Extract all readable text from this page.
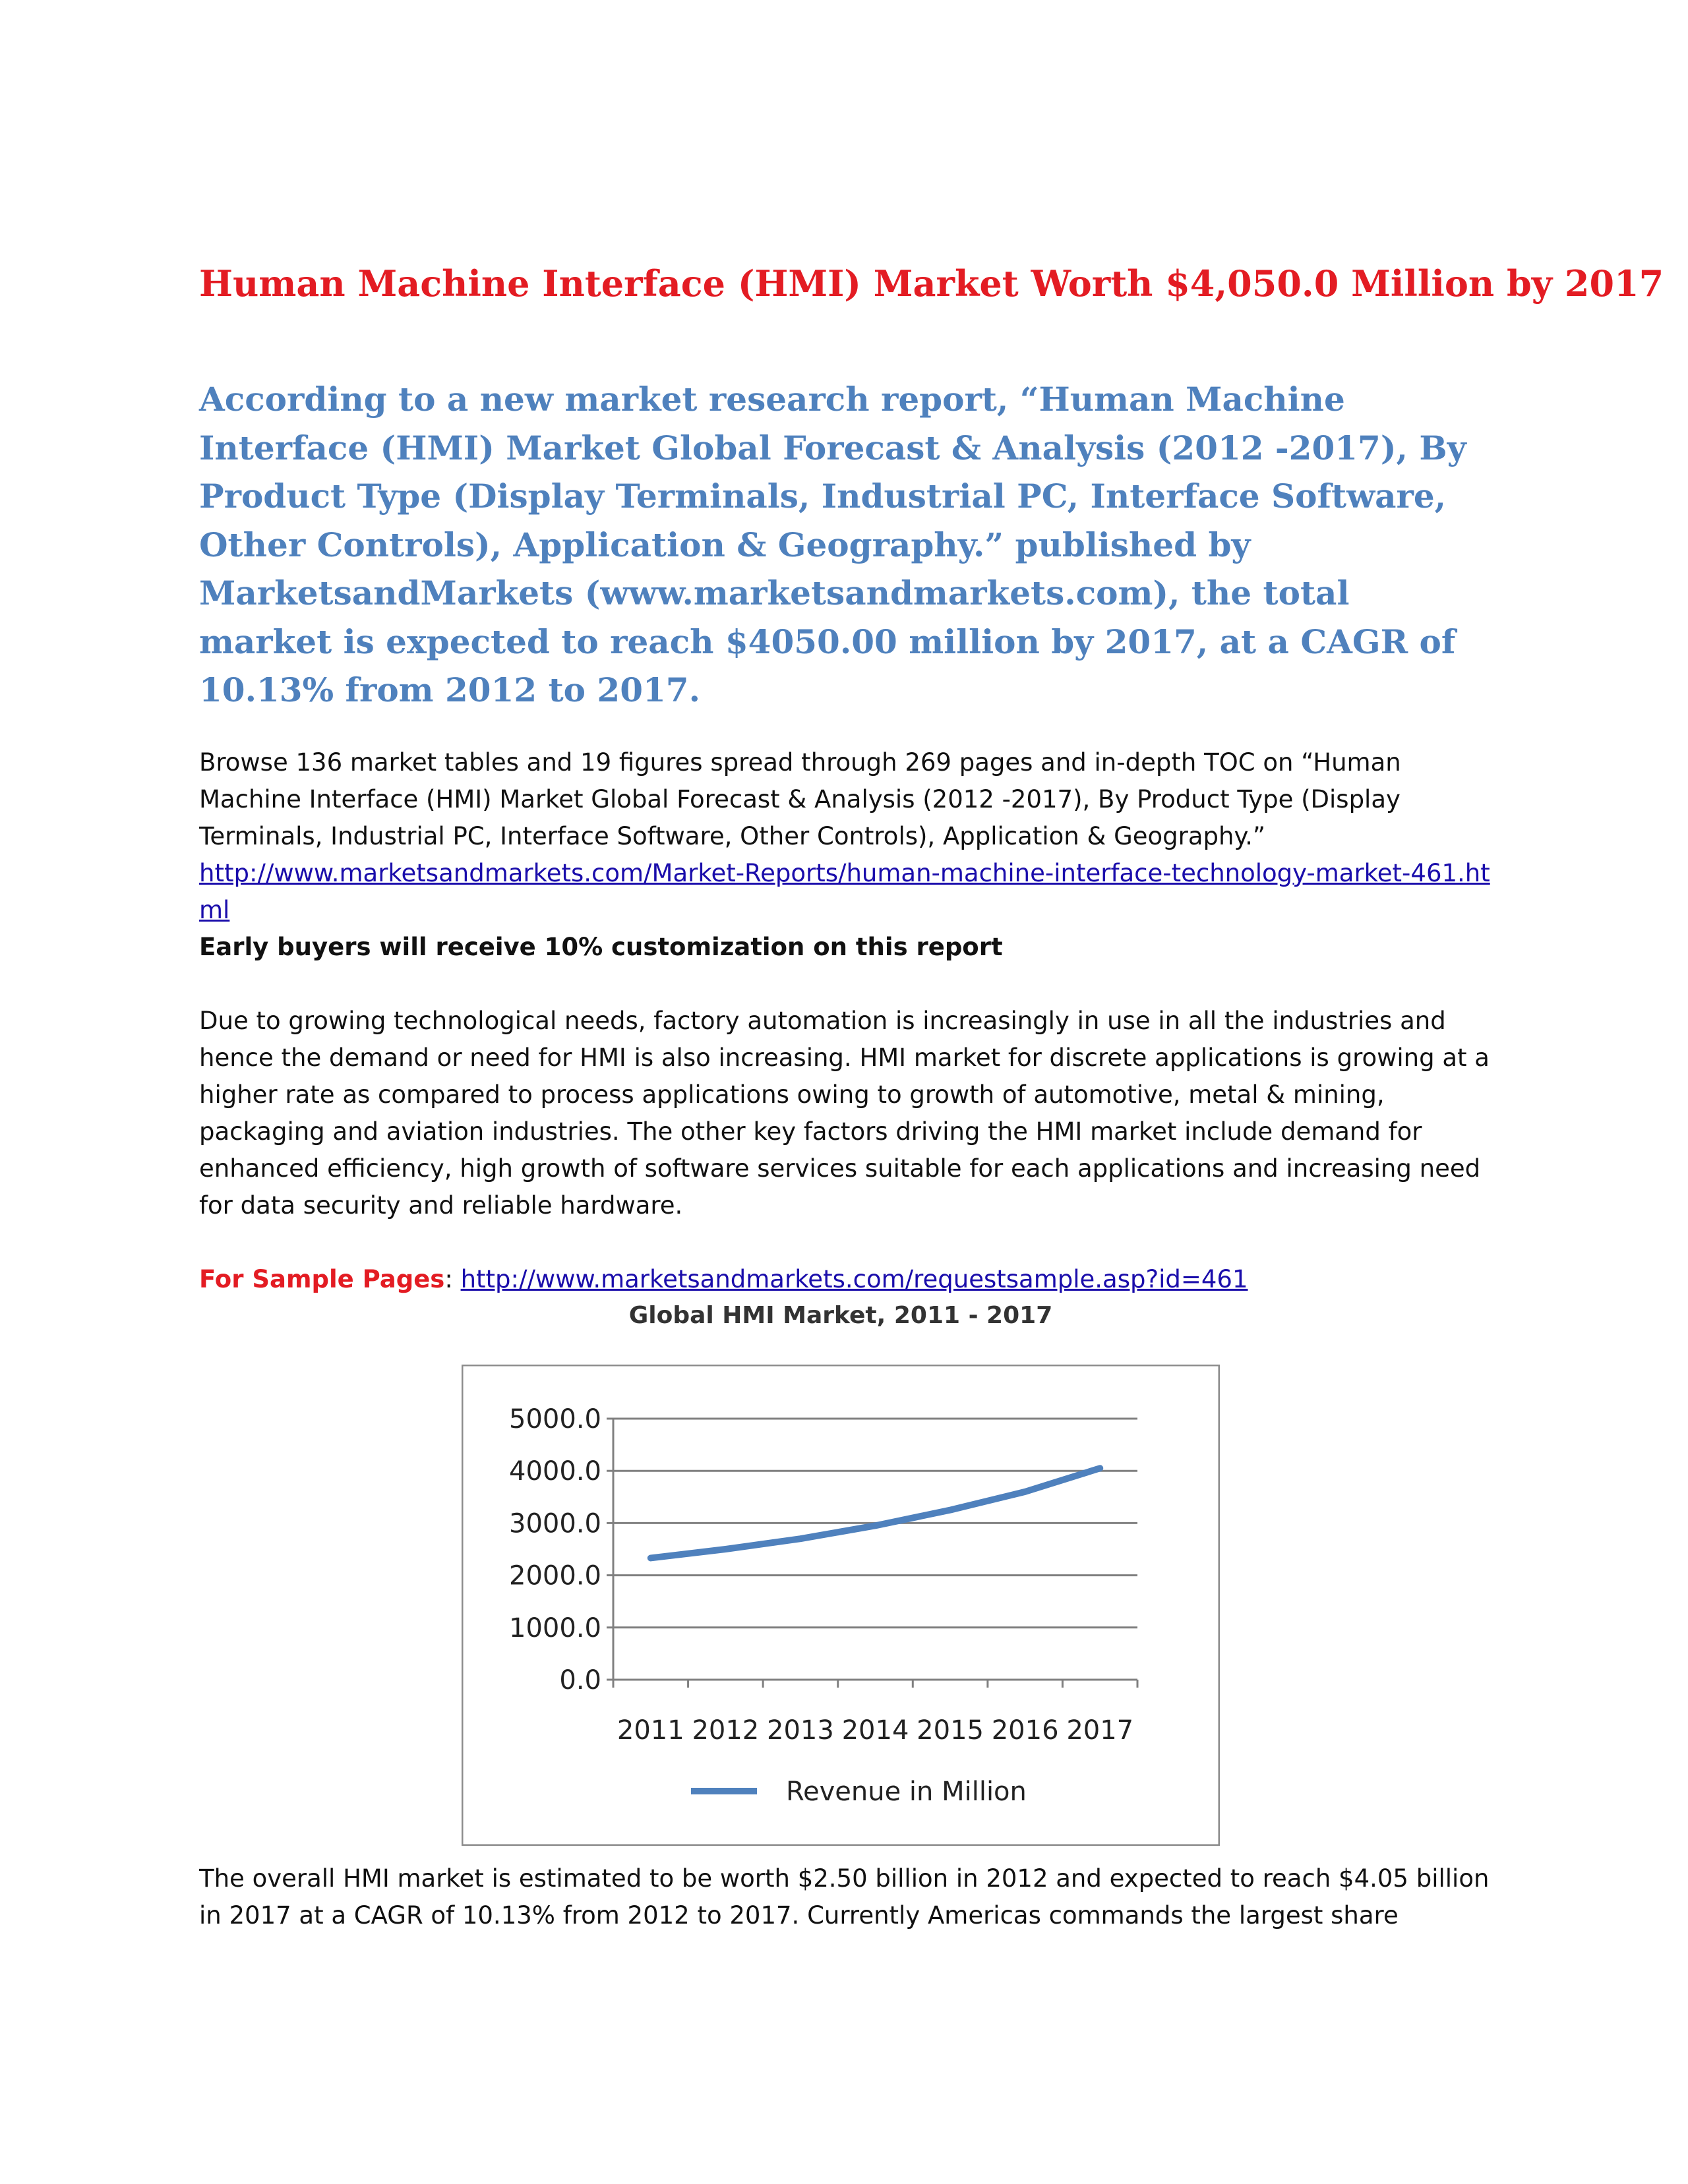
Human Machine Interface (HMI) Market Worth $4,050.0 Million by 2017

According to a new market research report, “Human Machine Interface (HMI) Market Global Forecast & Analysis (2012 -2017), By Product Type (Display Terminals, Industrial PC, Interface Software, Other Controls), Application & Geography.” published by MarketsandMarkets (www.marketsandmarkets.com), the total market is expected to reach $4050.00 million by 2017, at a CAGR of 10.13% from 2012 to 2017.

Browse 136 market tables and 19 figures spread through 269 pages and in-depth TOC on “Human Machine Interface (HMI) Market Global Forecast & Analysis (2012 -2017), By Product Type (Display Terminals, Industrial PC, Interface Software, Other Controls), Application & Geography.”
http://www.marketsandmarkets.com/Market-Reports/human-machine-interface-technology-market-461.html
Early buyers will receive 10% customization on this report

Due to growing technological needs, factory automation is increasingly in use in all the industries and hence the demand or need for HMI is also increasing. HMI market for discrete applications is growing at a higher rate as compared to process applications owing to growth of automotive, metal & mining, packaging and aviation industries. The other key factors driving the HMI market include demand for enhanced efficiency, high growth of software services suitable for each applications and increasing need for data security and reliable hardware.

For Sample Pages: http://www.marketsandmarkets.com/requestsample.asp?id=461

Global HMI Market, 2011 - 2017
0.0
1000.0
2000.0
3000.0
4000.0
5000.0
2011 2012 2013 2014 2015 2016 2017
Revenue in Million

The overall HMI market is estimated to be worth $2.50 billion in 2012 and expected to reach $4.05 billion in 2017 at a CAGR of 10.13% from 2012 to 2017. Currently Americas commands the largest share
